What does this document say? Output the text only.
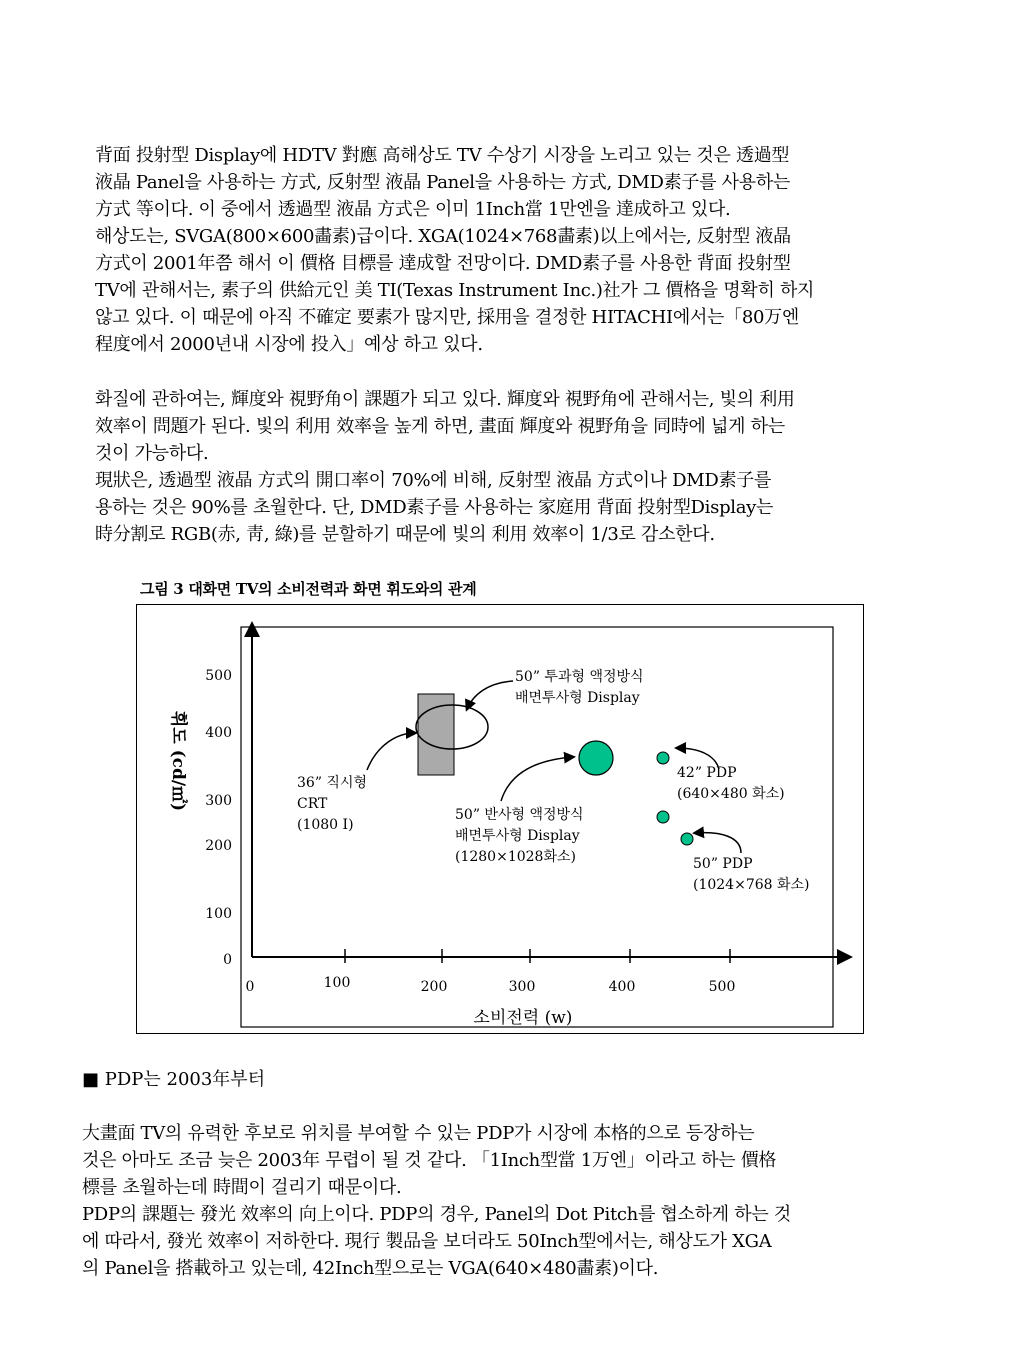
背面 投射型 Display에 HDTV 對應 高해상도 TV 수상기 시장을 노리고 있는 것은 透過型
液晶 Panel을 사용하는 方式, 反射型 液晶 Panel을 사용하는 方式, DMD素子를 사용하는
方式 等이다. 이 중에서 透過型 液晶 方式은 이미 1Inch當 1만엔을 達成하고 있다.
해상도는, SVGA(800×600畵素)급이다. XGA(1024×768畵素)以上에서는, 反射型 液晶
方式이 2001年쯤 해서 이 價格 目標를 達成할 전망이다. DMD素子를 사용한 背面 投射型
TV에 관해서는, 素子의 供給元인 美 TI(Texas Instrument Inc.)社가 그 價格을 명확히 하지
않고 있다. 이 때문에 아직 不確定 要素가 많지만, 採用을 결정한 HITACHI에서는「80万엔
程度에서 2000년내 시장에 投入」예상 하고 있다.
화질에 관하여는, 輝度와 視野角이 課題가 되고 있다. 輝度와 視野角에 관해서는, 빛의 利用
效率이 問題가 된다. 빛의 利用 效率을 높게 하면, 畫面 輝度와 視野角을 同時에 넓게 하는
것이 가능하다.
現狀은, 透過型 液晶 方式의 開口率이 70%에 비해, 反射型 液晶 方式이나 DMD素子를
용하는 것은 90%를 초월한다. 단, DMD素子를 사용하는 家庭用 背面 投射型Display는
時分割로 RGB(赤, 靑, 綠)를 분할하기 때문에 빛의 利用 效率이 1/3로 감소한다.
그림 3 대화면 TV의 소비전력과 화면 휘도와의 관계
0
100
200
300
400
500
0	100	200	300	400	500
50” 투과형 액정방식
배면투사형 Display
36” 직시형
CRT
(1080 I)
50” 반사형 액정방식
배면투사형 Display
(1280×1028화소)
42” PDP
(640×480 화소)
50” PDP
(1024×768 화소)
소비전력 (w)
휘도 (cd/㎡)
■ PDP는 2003年부터
大畫面 TV의 유력한 후보로 위치를 부여할 수 있는 PDP가 시장에 本格的으로 등장하는
것은 아마도 조금 늦은 2003年 무렵이 될 것 같다. 「1Inch型當 1万엔」이라고 하는 價格
標를 초월하는데 時間이 걸리기 때문이다.
PDP의 課題는 發光 效率의 向上이다. PDP의 경우, Panel의 Dot Pitch를 협소하게 하는 것
에 따라서, 發光 效率이 저하한다. 現行 製品을 보더라도 50Inch型에서는, 해상도가 XGA
의 Panel을 搭載하고 있는데, 42Inch型으로는 VGA(640×480畵素)이다.
